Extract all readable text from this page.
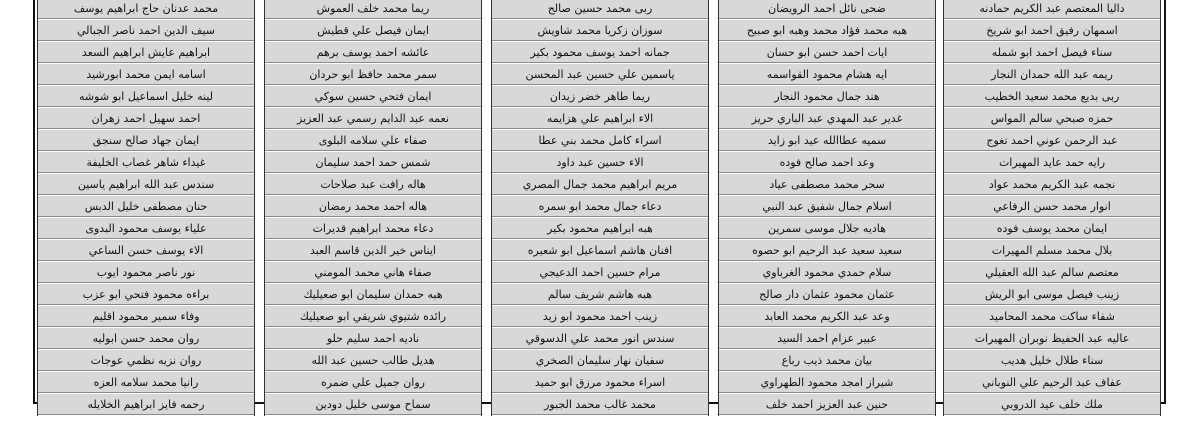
داليا المعتصم عبد الكريم حمادنه
اسمهان رفيق احمد ابو شريخ
سناء فيصل احمد ابو شمله
ريمه عبد الله حمدان النجار
ربى بديع محمد سعيد الخطيب
حمزه صبحي سالم المواس
عبد الرحمن عوني احمد تغوج
رايه حمد عايد المهيرات
نجمه عبد الكريم محمد عواد
انوار محمد حسن الرفاعي
ايمان محمد يوسف فوده
بلال محمد مسلم المهيرات
معتصم سالم عبد الله العقيلي
زينب فيصل موسى ابو الريش
شفاء ساكت محمد المحاميد
عاليه عبد الحفيظ نوبران المهيرات
سناء طلال خليل هديب
عفاف عبد الرحيم علي النوباني
ملك خلف عيد الدروبي
ضحى نائل احمد الرويضان
هبه محمد فؤاد محمد وهبه ابو صبيح
ايات احمد حسن ابو حسان
ايه هشام محمود القواسمه
هند جمال محمود النجار
غدير عبد المهدي عبد الباري حريز
سميه عطاالله عيد ابو زايد
وعد احمد صالح فوده
سحر محمد مصطفى عياد
اسلام جمال شفيق عبد النبي
هاديه جلال موسى سمرين
سعيد سعيد عبد الرحيم ابو حصوه
سلام حمدي محمود الغرباوي
عثمان محمود عثمان دار صالح
وعد عبد الكريم محمد العابد
عبير عزام احمد السيد
بيان محمد ذيب رباع
شيراز امجد محمود الطهراوي
حنين عبد العزيز احمد خلف
ربى محمد حسين صالح
سوزان زكريا محمد شاويش
جمانه احمد يوسف محمود بكير
ياسمين علي حسين عبد المحسن
ريما طاهر خضر زيدان
الاء ابراهيم علي هزايمه
اسراء كامل محمد بني عطا
الاء حسين عبد داود
مريم ابراهيم محمد جمال المصري
دعاء جمال محمد ابو سمره
هبه ابراهيم محمود بكير
افنان هاشم اسماعيل ابو شعيره
مرام حسين احمد الدعيجي
هبه هاشم شريف سالم
زينب احمد محمود ابو زيد
سندس انور محمد علي الدسوقي
سفيان نهار سليمان الصخري
اسراء محمود مرزق ابو حميد
محمد غالب محمد الجبور
ريما محمد خلف العموش
ايمان فيصل علي قطيش
عائشه احمد يوسف برهم
سمر محمد حافظ ابو حردان
ايمان فتحي حسين سوكي
نعمه عبد الدايم رسمي عبد العزيز
صفاء علي سلامه البلوى
شمس حمد احمد سليمان
هاله رافت عبد صلاحات
هاله احمد محمد رمضان
دعاء محمد ابراهيم قديرات
ايناس خير الدين قاسم العبد
صفاء هاني محمد المومني
هبه حمدان سليمان ابو صعيليك
رائده شتيوي شريقي ابو صعيليك
ناديه احمد سليم حلو
هديل طالب حسين عبد الله
روان جميل علي ضمره
سماح موسى خليل دودين
محمد عدنان حاج ابراهيم يوسف
سيف الدين احمد ناصر الجبالي
ابراهيم عايش ابراهيم السعد
اسامه ايمن محمد ابورشيد
لينه خليل اسماعيل ابو شوشه
احمد سهيل احمد زهران
ايمان جهاد صالح سنجق
غيداء شاهر غصاب الخليفة
سندس عبد الله ابراهيم ياسين
حنان مصطفى خليل الدبس
علياء يوسف محمود البدوى
الاء يوسف حسن الساعي
نور ناصر محمود ايوب
براءه محمود فتحي ابو عزب
وفاء سمير محمود اقليم
روان محمد حسن ابوليه
روان نزيه نظمي عوجات
رانيا محمد سلامه العزه
رحمه فايز ابراهيم الخلايله
